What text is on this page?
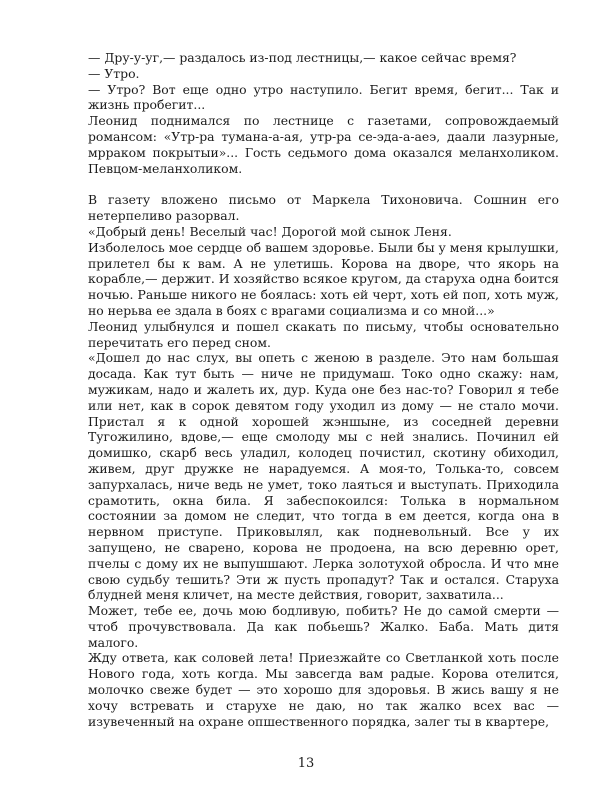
— Дру-у-уг,— раздалось из-под лестницы,— какое сейчас время?

— Утро.

— Утро? Вот еще одно утро наступило. Бегит время, бегит... Так и жизнь пробегит...

Леонид поднимался по лестнице с газетами, сопровождаемый романсом: «Утр-ра тумана-а-ая, утр-ра се-эда-а-аеэ, даали лазурные, мрраком покрытыи»... Гость седьмого дома оказался меланхоликом. Певцом-меланхоликом.

В газету вложено письмо от Маркела Тихоновича. Сошнин его нетерпеливо разорвал.

«Добрый день! Веселый час! Дорогой мой сынок Леня.

Изболелось мое сердце об вашем здоровье. Были бы у меня крылушки, прилетел бы к вам. А не улетишь. Корова на дворе, что якорь на корабле,— держит. И хозяйство всякое кругом, да старуха одна боится ночью. Раньше никого не боялась: хоть ей черт, хоть ей поп, хоть муж, но нерьва ее здала в боях с врагами социализма и со мной...»

Леонид улыбнулся и пошел скакать по письму, чтобы основательно перечитать его перед сном.

«Дошел до нас слух, вы опеть с женою в разделе. Это нам большая досада. Как тут быть — ниче не придумаш. Токо одно скажу: нам, мужикам, надо и жалеть их, дур. Куда оне без нас-то? Говорил я тебе или нет, как в сорок девятом году уходил из дому — не стало мочи. Пристал я к одной хорошей жэншыне, из соседней деревни Тугожилино, вдове,— еще смолоду мы с ней знались. Починил ей домишко, скарб весь уладил, колодец почистил, скотину обиходил, живем, друг дружке не нарадуемся. А моя-то, Толька-то, совсем запурхалась, ниче ведь не умет, токо лаяться и выступать. Приходила срамотить, окна била. Я забеспокоился: Толька в нормальном состоянии за домом не следит, что тогда в ем деется, когда она в нервном приступе. Приковылял, как подневольный. Все у их запущено, не сварено, корова не продоена, на всю деревню орет, пчелы с дому их не выпушшают. Лерка золотухой обросла. И что мне свою судьбу тешить? Эти ж пусть пропадут? Так и остался. Старуха блудней меня кличет, на месте действия, говорит, захватила...

Может, тебе ее, дочь мою бодливую, побить? Не до самой смерти — чтоб прочувствовала. Да как побьешь? Жалко. Баба. Мать дитя малого.

Жду ответа, как соловей лета! Приезжайте со Светланкой хоть после Нового года, хоть когда. Мы завсегда вам радые. Корова отелится, молочко свеже будет — это хорошо для здоровья. В жись вашу я не хочу встревать и старухе не даю, но так жалко всех вас — изувеченный на охране опшественного порядка, залег ты в квартере,

13
